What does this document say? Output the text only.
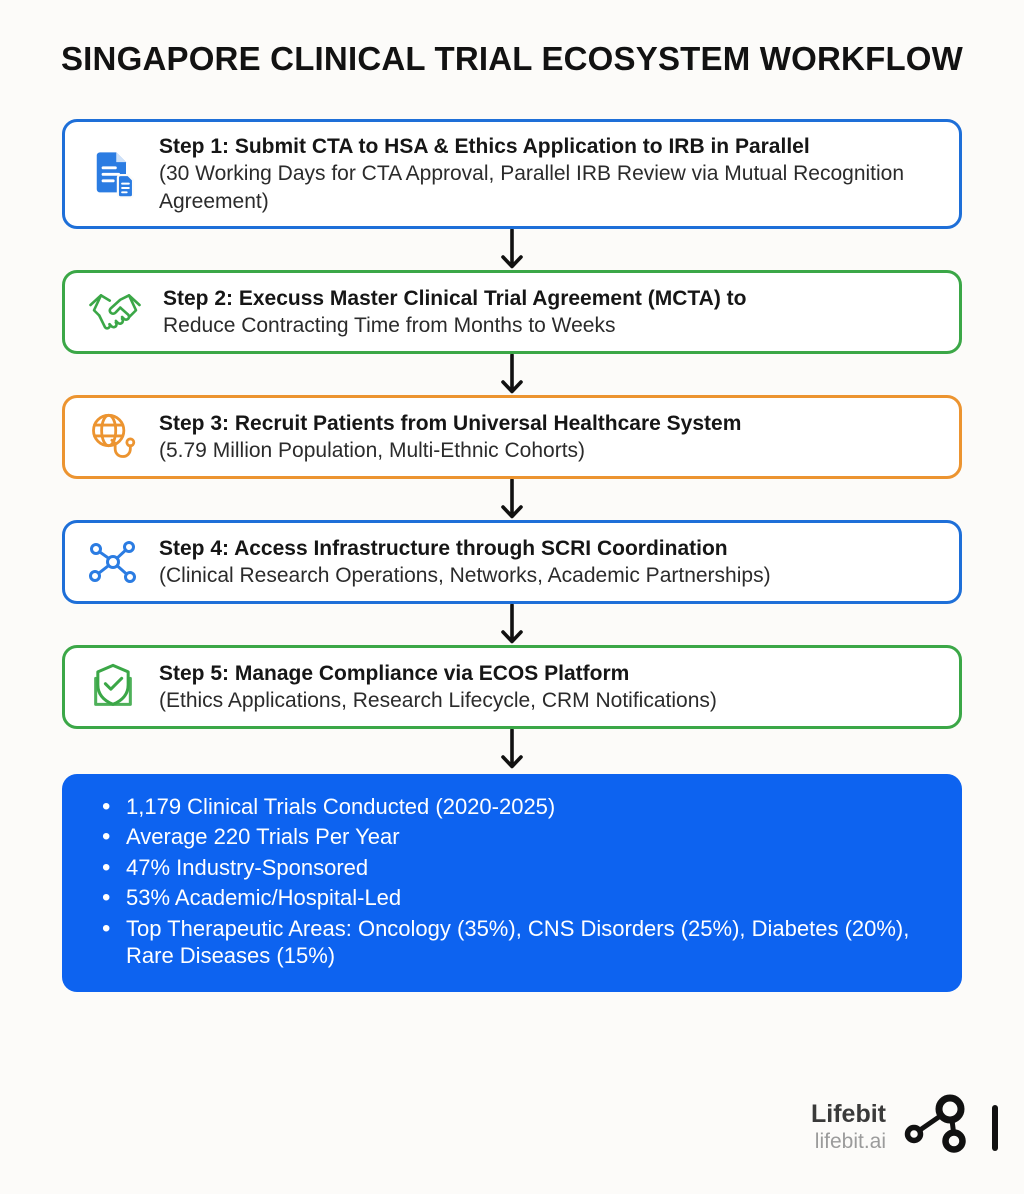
SINGAPORE CLINICAL TRIAL ECOSYSTEM WORKFLOW
Step 1: Submit CTA to HSA & Ethics Application to IRB in Parallel
(30 Working Days for CTA Approval, Parallel IRB Review via Mutual Recognition Agreement)
Step 2: Execuss Master Clinical Trial Agreement (MCTA) to
Reduce Contracting Time from Months to Weeks
Step 3: Recruit Patients from Universal Healthcare System
(5.79 Million Population, Multi-Ethnic Cohorts)
Step 4: Access Infrastructure through SCRI Coordination
(Clinical Research Operations, Networks, Academic Partnerships)
Step 5: Manage Compliance via ECOS Platform
(Ethics Applications, Research Lifecycle, CRM Notifications)
• 1,179 Clinical Trials Conducted (2020-2025)
• Average 220 Trials Per Year
• 47% Industry-Sponsored
• 53% Academic/Hospital-Led
• Top Therapeutic Areas: Oncology (35%), CNS Disorders (25%), Diabetes (20%), Rare Diseases (15%)
Lifebit
lifebit.ai
